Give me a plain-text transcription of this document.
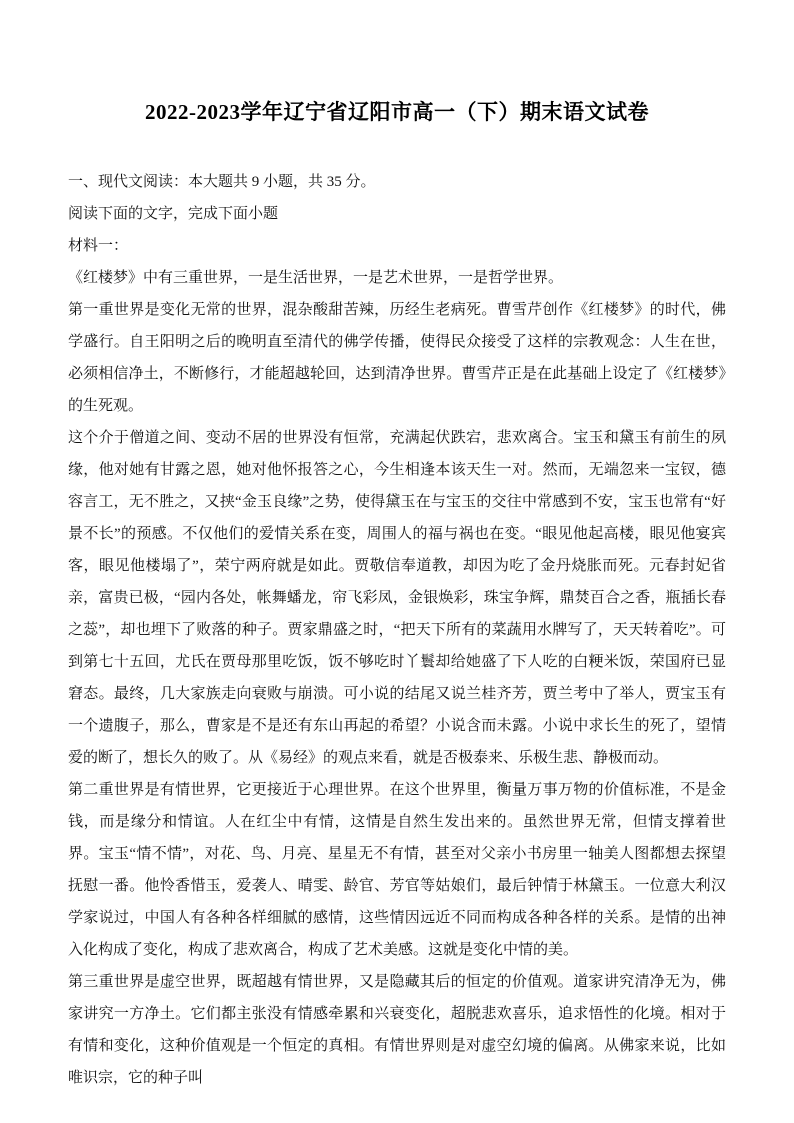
2022-2023学年辽宁省辽阳市高一（下）期末语文试卷

一、现代文阅读：本大题共 9 小题，共 35 分。

阅读下面的文字，完成下面小题

材料一：

《红楼梦》中有三重世界，一是生活世界，一是艺术世界，一是哲学世界。

第一重世界是变化无常的世界，混杂酸甜苦辣，历经生老病死。曹雪芹创作《红楼梦》的时代，佛学盛行。自王阳明之后的晚明直至清代的佛学传播，使得民众接受了这样的宗教观念：人生在世，必须相信净土，不断修行，才能超越轮回，达到清净世界。曹雪芹正是在此基础上设定了《红楼梦》的生死观。

这个介于僧道之间、变动不居的世界没有恒常，充满起伏跌宕，悲欢离合。宝玉和黛玉有前生的夙缘，他对她有甘露之恩，她对他怀报答之心，今生相逢本该天生一对。然而，无端忽来一宝钗，德容言工，无不胜之，又挟“金玉良缘”之势，使得黛玉在与宝玉的交往中常感到不安，宝玉也常有“好景不长”的预感。不仅他们的爱情关系在变，周围人的福与祸也在变。“眼见他起高楼，眼见他宴宾客，眼见他楼塌了”，荣宁两府就是如此。贾敬信奉道教，却因为吃了金丹烧胀而死。元春封妃省亲，富贵已极，“园内各处，帐舞蟠龙，帘飞彩凤，金银焕彩，珠宝争辉，鼎焚百合之香，瓶插长春之蕊”，却也埋下了败落的种子。贾家鼎盛之时，“把天下所有的菜蔬用水牌写了，天天转着吃”。可到第七十五回，尤氏在贾母那里吃饭，饭不够吃时丫鬟却给她盛了下人吃的白粳米饭，荣国府已显窘态。最终，几大家族走向衰败与崩溃。可小说的结尾又说兰桂齐芳，贾兰考中了举人，贾宝玉有一个遗腹子，那么，曹家是不是还有东山再起的希望？小说含而未露。小说中求长生的死了，望情爱的断了，想长久的败了。从《易经》的观点来看，就是否极泰来、乐极生悲、静极而动。

第二重世界是有情世界，它更接近于心理世界。在这个世界里，衡量万事万物的价值标准，不是金钱，而是缘分和情谊。人在红尘中有情，这情是自然生发出来的。虽然世界无常，但情支撑着世界。宝玉“情不情”，对花、鸟、月亮、星星无不有情，甚至对父亲小书房里一轴美人图都想去探望抚慰一番。他怜香惜玉，爱袭人、晴雯、龄官、芳官等姑娘们，最后钟情于林黛玉。一位意大利汉学家说过，中国人有各种各样细腻的感情，这些情因远近不同而构成各种各样的关系。是情的出神入化构成了变化，构成了悲欢离合，构成了艺术美感。这就是变化中情的美。

第三重世界是虚空世界，既超越有情世界，又是隐藏其后的恒定的价值观。道家讲究清净无为，佛家讲究一方净土。它们都主张没有情感牵累和兴衰变化，超脱悲欢喜乐，追求悟性的化境。相对于有情和变化，这种价值观是一个恒定的真相。有情世界则是对虚空幻境的偏离。从佛家来说，比如唯识宗，它的种子叫
